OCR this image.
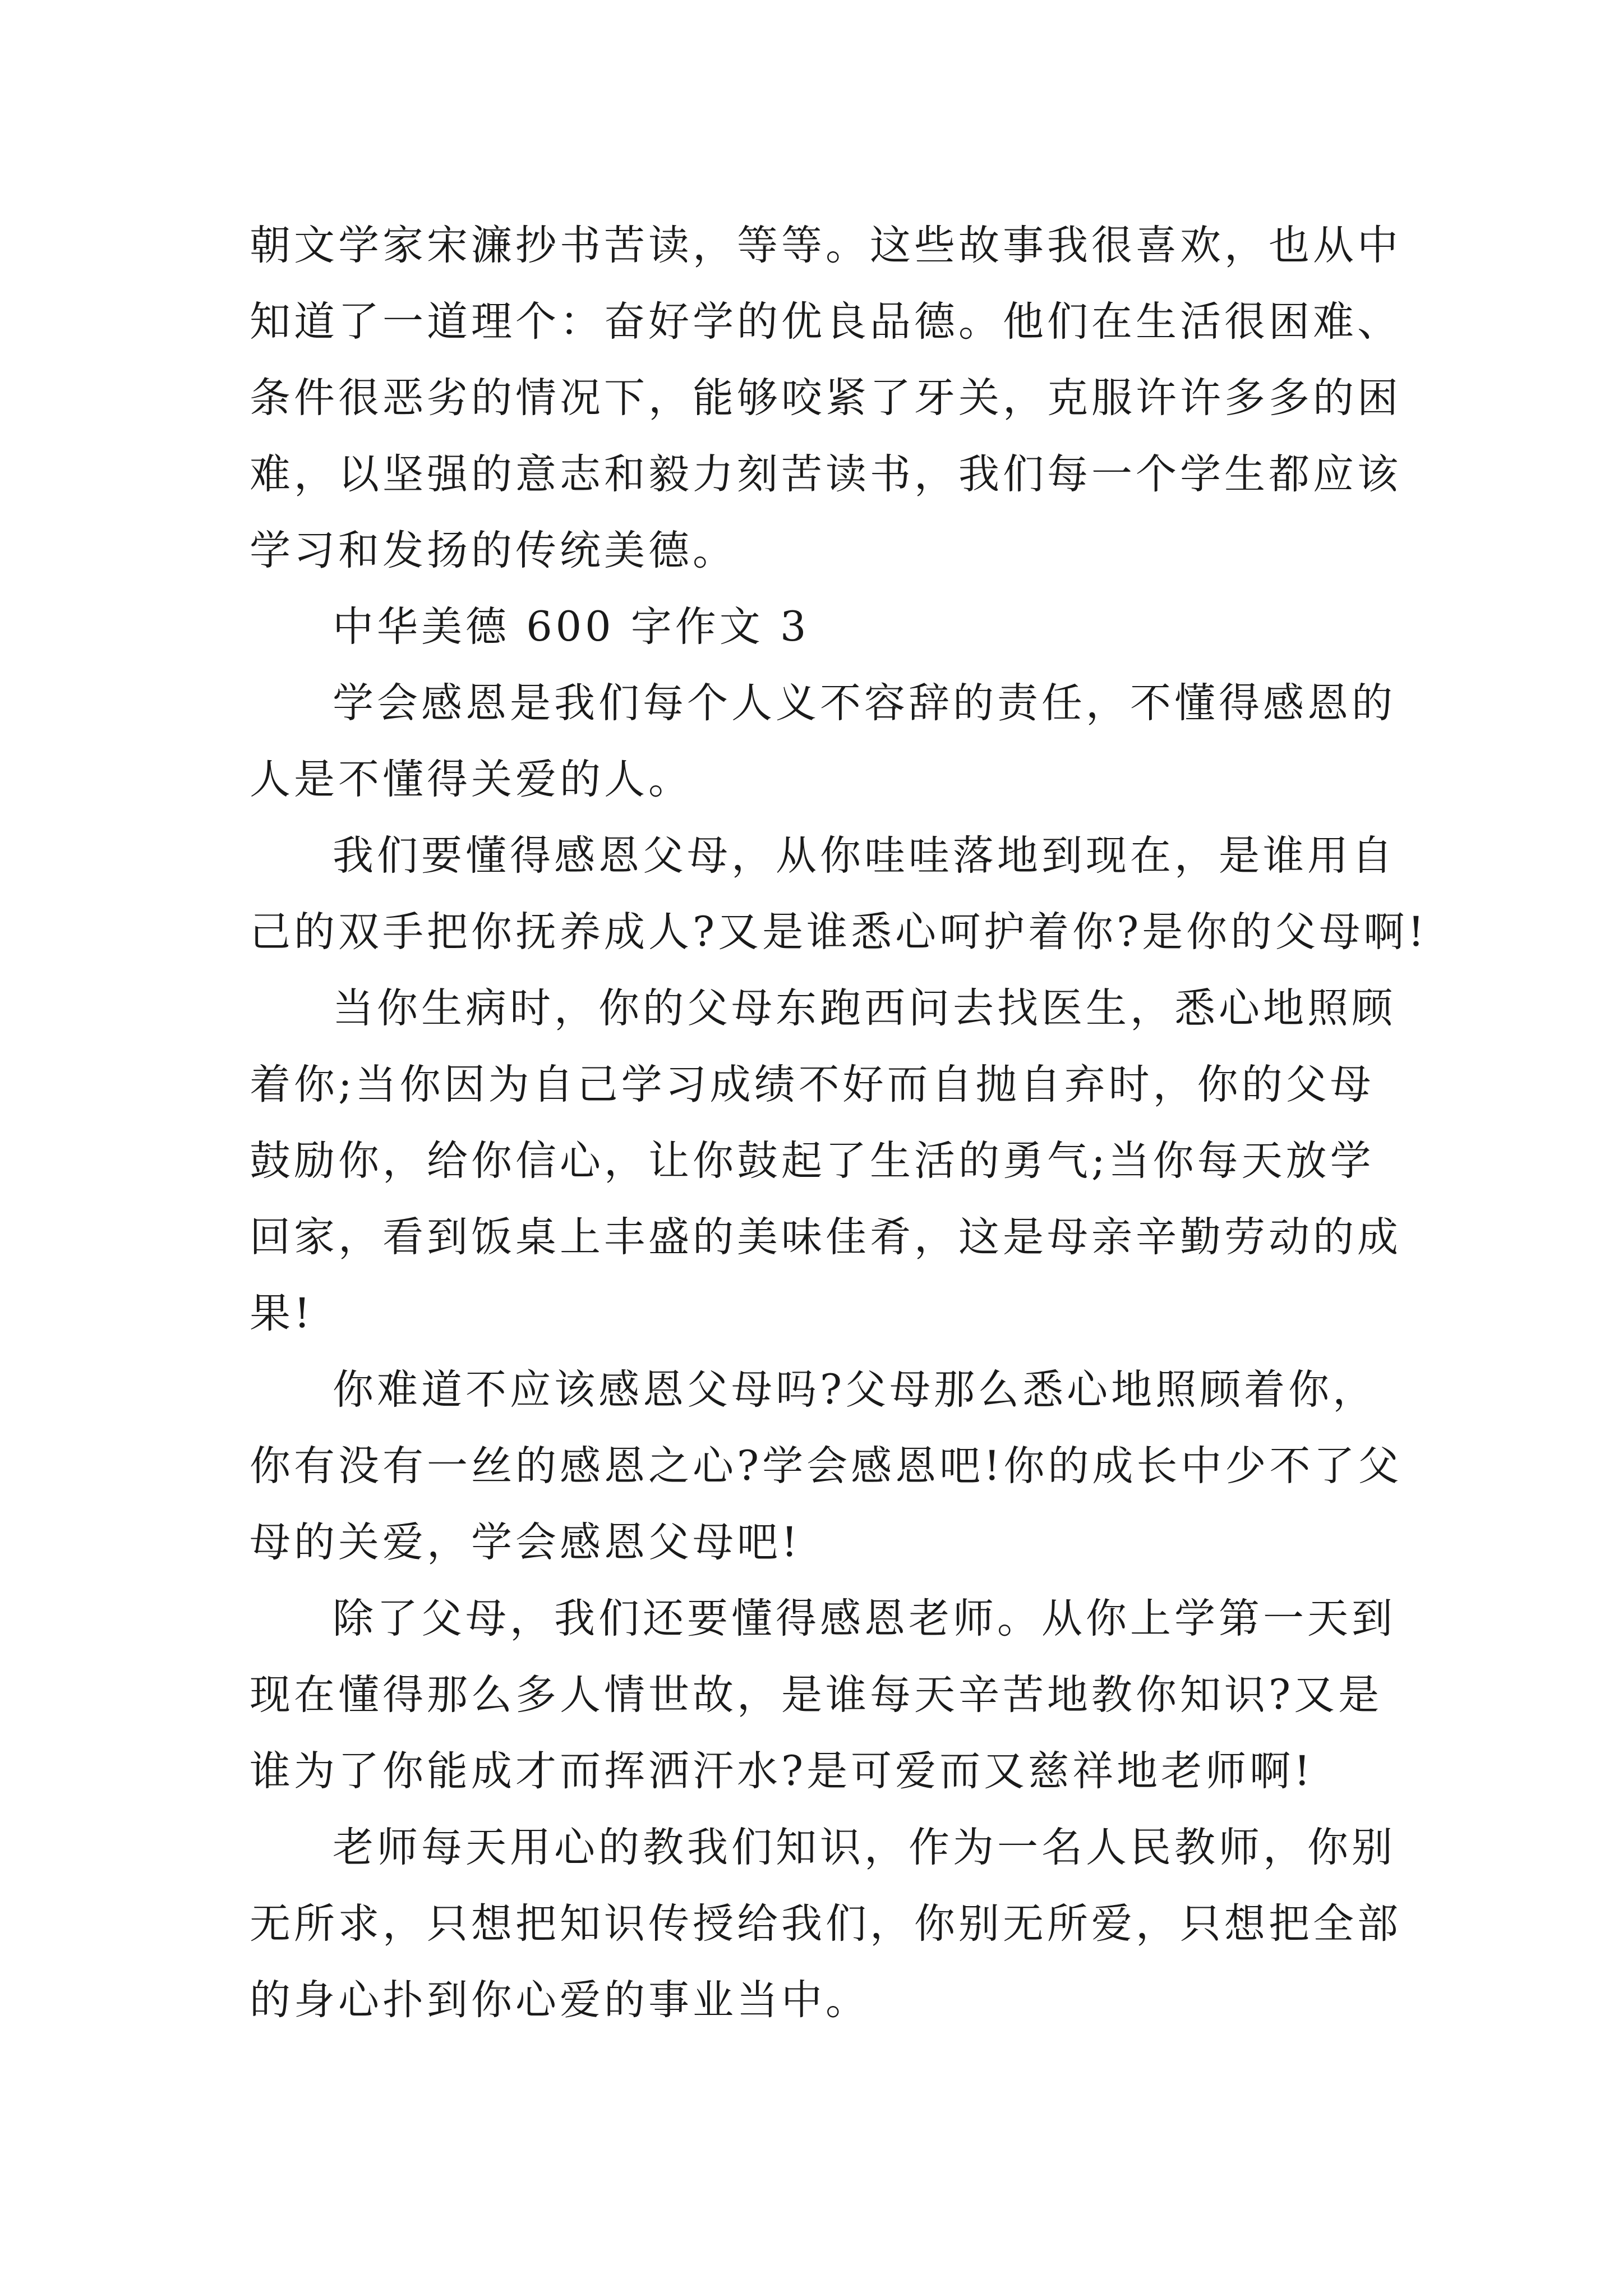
朝文学家宋濂抄书苦读，等等。这些故事我很喜欢，也从中
知道了一道理个：奋好学的优良品德。他们在生活很困难、
条件很恶劣的情况下，能够咬紧了牙关，克服许许多多的困
难，以坚强的意志和毅力刻苦读书，我们每一个学生都应该
学习和发扬的传统美德。
中华美德 600 字作文 3
学会感恩是我们每个人义不容辞的责任，不懂得感恩的
人是不懂得关爱的人。
我们要懂得感恩父母，从你哇哇落地到现在，是谁用自
己的双手把你抚养成人?又是谁悉心呵护着你?是你的父母啊!
当你生病时，你的父母东跑西问去找医生，悉心地照顾
着你;当你因为自己学习成绩不好而自抛自弃时，你的父母
鼓励你，给你信心，让你鼓起了生活的勇气;当你每天放学
回家，看到饭桌上丰盛的美味佳肴，这是母亲辛勤劳动的成
果!
你难道不应该感恩父母吗?父母那么悉心地照顾着你，
你有没有一丝的感恩之心?学会感恩吧!你的成长中少不了父
母的关爱，学会感恩父母吧!
除了父母，我们还要懂得感恩老师。从你上学第一天到
现在懂得那么多人情世故，是谁每天辛苦地教你知识?又是
谁为了你能成才而挥洒汗水?是可爱而又慈祥地老师啊!
老师每天用心的教我们知识，作为一名人民教师，你别
无所求，只想把知识传授给我们，你别无所爱，只想把全部
的身心扑到你心爱的事业当中。
